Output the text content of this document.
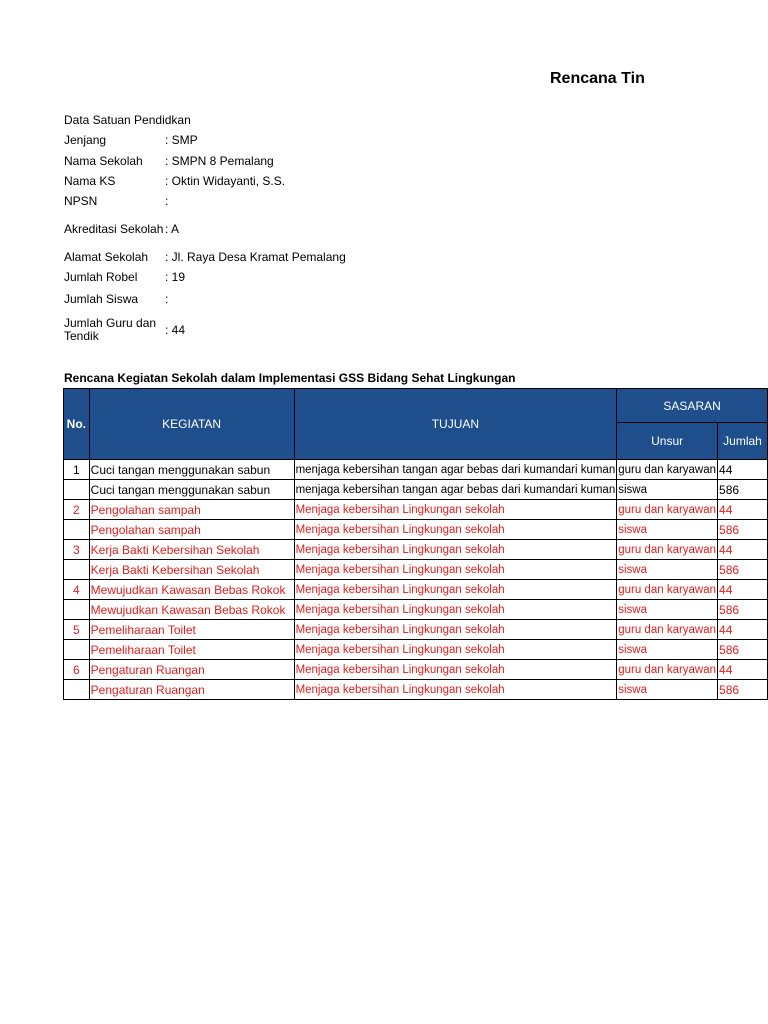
Rencana Tin
Data Satuan Pendidkan
Jenjang	: SMP
Nama Sekolah	: SMPN 8 Pemalang
Nama KS	: Oktin Widayanti, S.S.
NPSN	:
Akreditasi Sekolah : A
Alamat Sekolah	: Jl. Raya Desa Kramat Pemalang
Jumlah Robel	: 19
Jumlah Siswa	:
Jumlah Guru dan Tendik	: 44
Rencana Kegiatan Sekolah dalam Implementasi GSS Bidang Sehat Lingkungan
No.	KEGIATAN	TUJUAN	SASARAN	
			Unsur	Jumlah
1	Cuci tangan menggunakan sabun	menjaga kebersihan tangan agar bebas dari kumandari kuman	guru dan karyawan	44
	Cuci tangan menggunakan sabun	menjaga kebersihan tangan agar bebas dari kumandari kuman	siswa	586
2	Pengolahan sampah	Menjaga kebersihan Lingkungan sekolah	guru dan karyawan	44
	Pengolahan sampah	Menjaga kebersihan Lingkungan sekolah	siswa	586
3	Kerja Bakti Kebersihan Sekolah	Menjaga kebersihan Lingkungan sekolah	guru dan karyawan	44
	Kerja Bakti Kebersihan Sekolah	Menjaga kebersihan Lingkungan sekolah	siswa	586
4	Mewujudkan Kawasan Bebas Rokok	Menjaga kebersihan Lingkungan sekolah	guru dan karyawan	44
	Mewujudkan Kawasan Bebas Rokok	Menjaga kebersihan Lingkungan sekolah	siswa	586
5	Pemeliharaan Toilet	Menjaga kebersihan Lingkungan sekolah	guru dan karyawan	44
	Pemeliharaan Toilet	Menjaga kebersihan Lingkungan sekolah	siswa	586
6	Pengaturan Ruangan	Menjaga kebersihan Lingkungan sekolah	guru dan karyawan	44
	Pengaturan Ruangan	Menjaga kebersihan Lingkungan sekolah	siswa	586
